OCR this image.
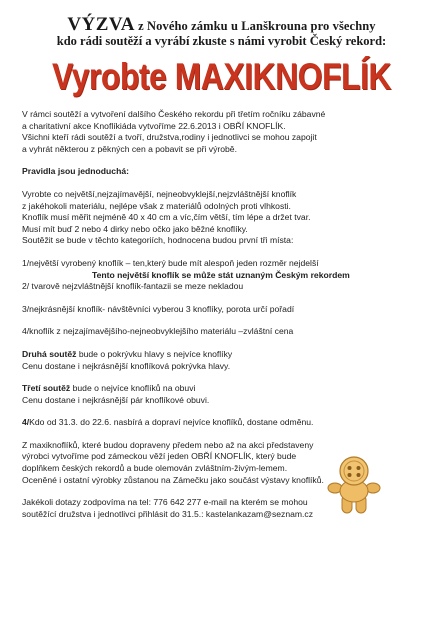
VÝZVA z Nového zámku u Lanškrouna pro všechny
kdo rádi soutěží a vyrábí zkuste s námi vyrobit Český rekord:
Vyrobte MAXIKNOFLÍK

V rámci soutěží a vytvoření dalšího Českého rekordu při třetím ročníku zábavné

a charitativní akce Knoflíkiáda vytvoříme 22.6.2013 i OBŘÍ KNOFLÍK.

Všichni kteří rádi soutěží a tvoří, družstva,rodiny i jednotlivci se mohou zapojit

a vyhrát některou z pěkných cen a pobavit se při výrobě.

Pravidla jsou jednoduchá:

Vyrobte co největší,nejzajímavější, nejneobvyklejší,nejzvláštnější knoflík

z jakéhokoli materiálu, nejlépe však z materiálů odolných proti vlhkosti.

Knoflík musí měřit nejméně 40 x 40 cm a víc,čím větší, tím lépe a držet tvar.

Musí mít buď 2 nebo 4 dirky nebo očko jako běžné knoflíky.

Soutěžit se bude v těchto kategoriích, hodnocena budou první tři místa:

1/největší vyrobený knoflík – ten,který bude mít alespoň jeden rozměr nejdelší

Tento největší knoflík se může stát uznaným Českým rekordem

2/ tvarově nejzvláštnější knoflík-fantazii se meze nekladou

3/nejkrásnější knoflík- návštěvníci vyberou 3 knoflíky, porota určí pořadí

4/knoflík z nejzajímavějšího-nejneobvyklejšího materiálu –zvláštní cena

Druhá soutěž bude o pokrývku hlavy s nejvíce knoflíky

Cenu dostane i nejkrásnější knoflíková pokrývka hlavy.

Třetí soutěž bude o nejvíce knoflíků na obuvi

Cenu dostane i nejkrásnější pár knoflíkové obuvi.

4/Kdo od 31.3. do 22.6. nasbírá a dopraví nejvíce knoflíků, dostane odměnu.

Z maxiknoflíků, které budou dopraveny předem nebo až na akci představeny

výrobci vytvoříme pod zámeckou věží jeden OBŘÍ KNOFLÍK, který bude

doplňkem českých rekordů a bude olemován zvláštním-živým-lemem.

Oceněné i ostatní výrobky zůstanou na Zámečku jako součást výstavy knoflíků.

Jakékoli dotazy zodpovíma na tel: 776 642 277 e-mail na kterém se mohou

soutěžící družstva i jednotlivci přihlásit do 31.5.: kastelankazam@seznam.cz
